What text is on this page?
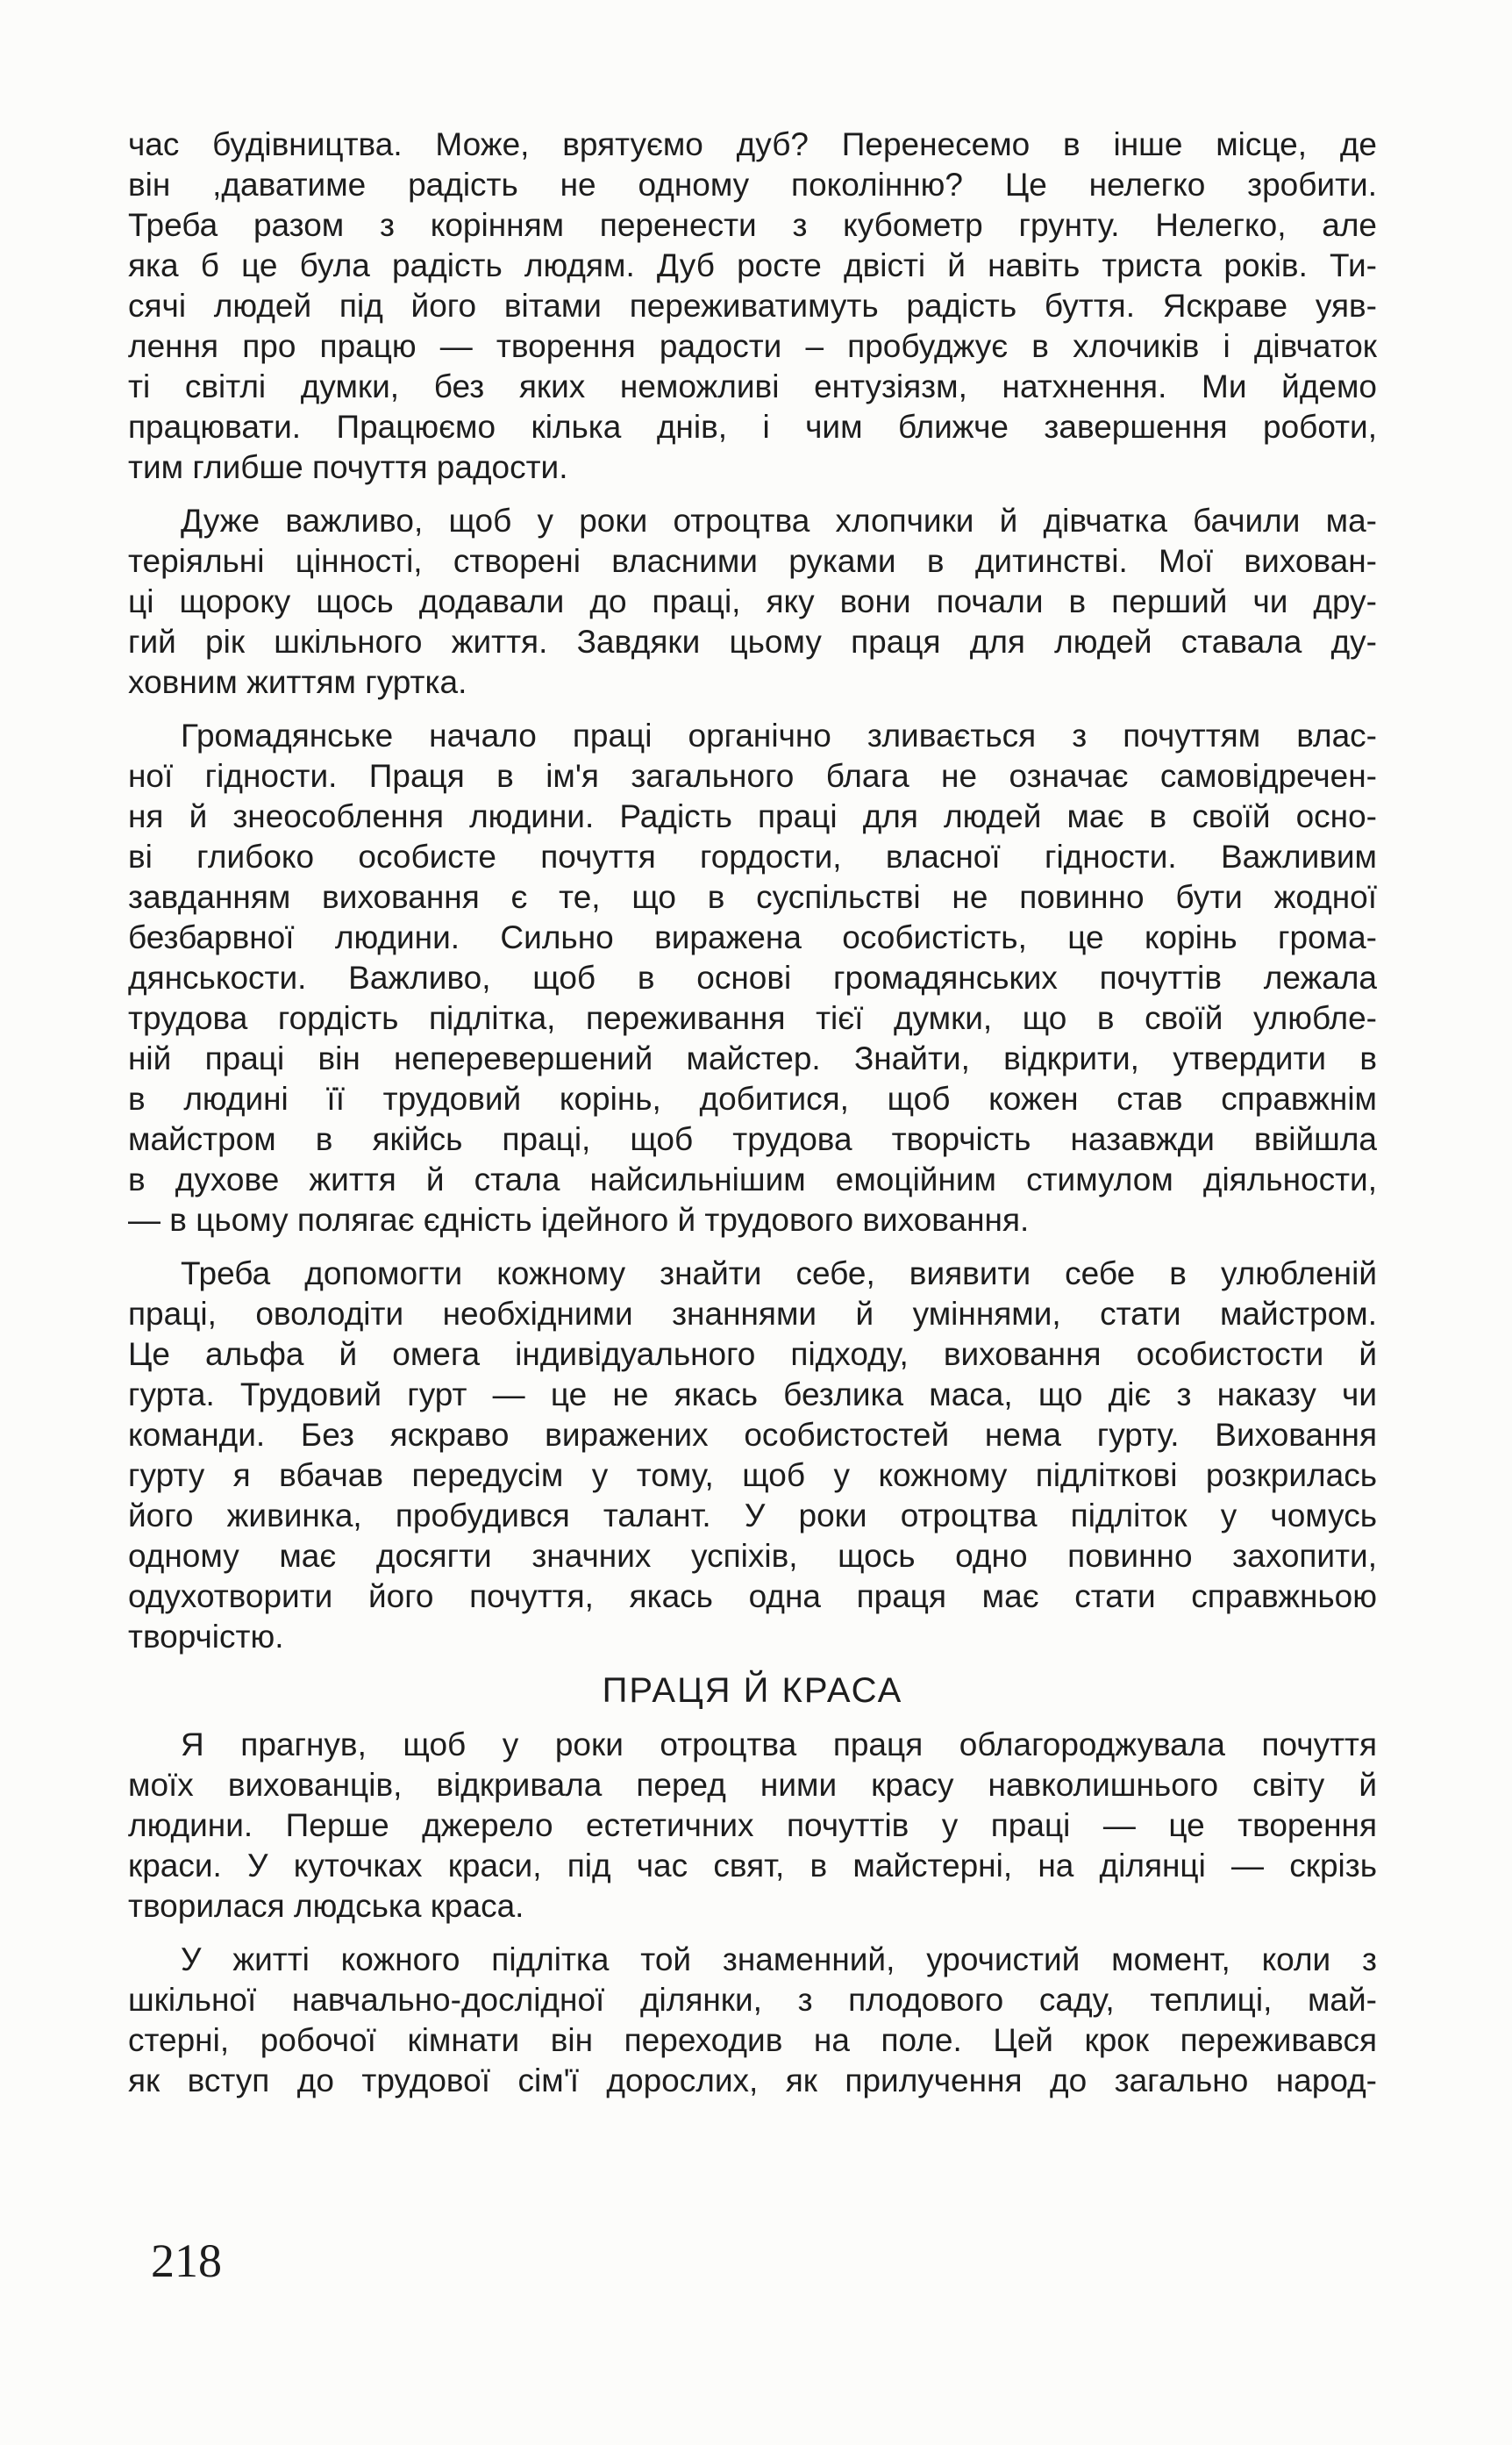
час будівництва. Може, врятуємо дуб? Перенесемо в інше місце, де
він ,даватиме радість не одному поколінню? Це нелегко зробити.
Треба разом з корінням перенести з кубометр грунту. Нелегко, але
яка б це була радість людям. Дуб росте двісті й навіть триста років. Ти-
сячі людей під його вітами переживатимуть радість буття. Яскраве уяв-
лення про працю — творення радости – пробуджує в хлочиків і дівчаток
ті світлі думки, без яких неможливі ентузіязм, натхнення. Ми йдемо
працювати. Працюємо кілька днів, і чим ближче завершення роботи,
тим глибше почуття радости.

Дуже важливо, щоб у роки отроцтва хлопчики й дівчатка бачили ма-
теріяльні цінності, створені власними руками в дитинстві. Мої вихован-
ці щороку щось додавали до праці, яку вони почали в перший чи дру-
гий рік шкільного життя. Завдяки цьому праця для людей ставала ду-
ховним життям гуртка.

Громадянське начало праці органічно зливається з почуттям влас-
ної гідности. Праця в ім'я загального блага не означає самовідречен-
ня й знеособлення людини. Радість праці для людей має в своїй осно-
ві глибоко особисте почуття гордости, власної гідности. Важливим
завданням виховання є те, що в суспільстві не повинно бути жодної
безбарвної людини. Сильно виражена особистість, це корінь грома-
дянськости. Важливо, щоб в основі громадянських почуттів лежала
трудова гордість підлітка, переживання тієї думки, що в своїй улюбле-
ній праці він неперевершений майстер. Знайти, відкрити, утвердити в
в людині її трудовий корінь, добитися, щоб кожен став справжнім
майстром в якійсь праці, щоб трудова творчість назавжди ввійшла
в духове життя й стала найсильнішим емоційним стимулом діяльности,
— в цьому полягає єдність ідейного й трудового виховання.

Треба допомогти кожному знайти себе, виявити себе в улюбленій
праці, оволодіти необхідними знаннями й уміннями, стати майстром.
Це альфа й омега індивідуального підходу, виховання особистости й
гурта. Трудовий гурт — це не якась безлика маса, що діє з наказу чи
команди. Без яскраво виражених особистостей нема гурту. Виховання
гурту я вбачав передусім у тому, щоб у кожному підліткові розкрилась
його живинка, пробудився талант. У роки отроцтва підліток у чомусь
одному має досягти значних успіхів, щось одно повинно захопити,
одухотворити його почуття, якась одна праця має стати справжньою
творчістю.

ПРАЦЯ Й КРАСА

Я прагнув, щоб у роки отроцтва праця облагороджувала почуття
моїх вихованців, відкривала перед ними красу навколишнього світу й
людини. Перше джерело естетичних почуттів у праці — це творення
краси. У куточках краси, під час свят, в майстерні, на ділянці — скрізь
творилася людська краса.

У житті кожного підлітка той знаменний, урочистий момент, коли з
шкільної навчально-дослідної ділянки, з плодового саду, теплиці, май-
стерні, робочої кімнати він переходив на поле. Цей крок переживався
як вступ до трудової сім'ї дорослих, як прилучення до загально народ-

218
